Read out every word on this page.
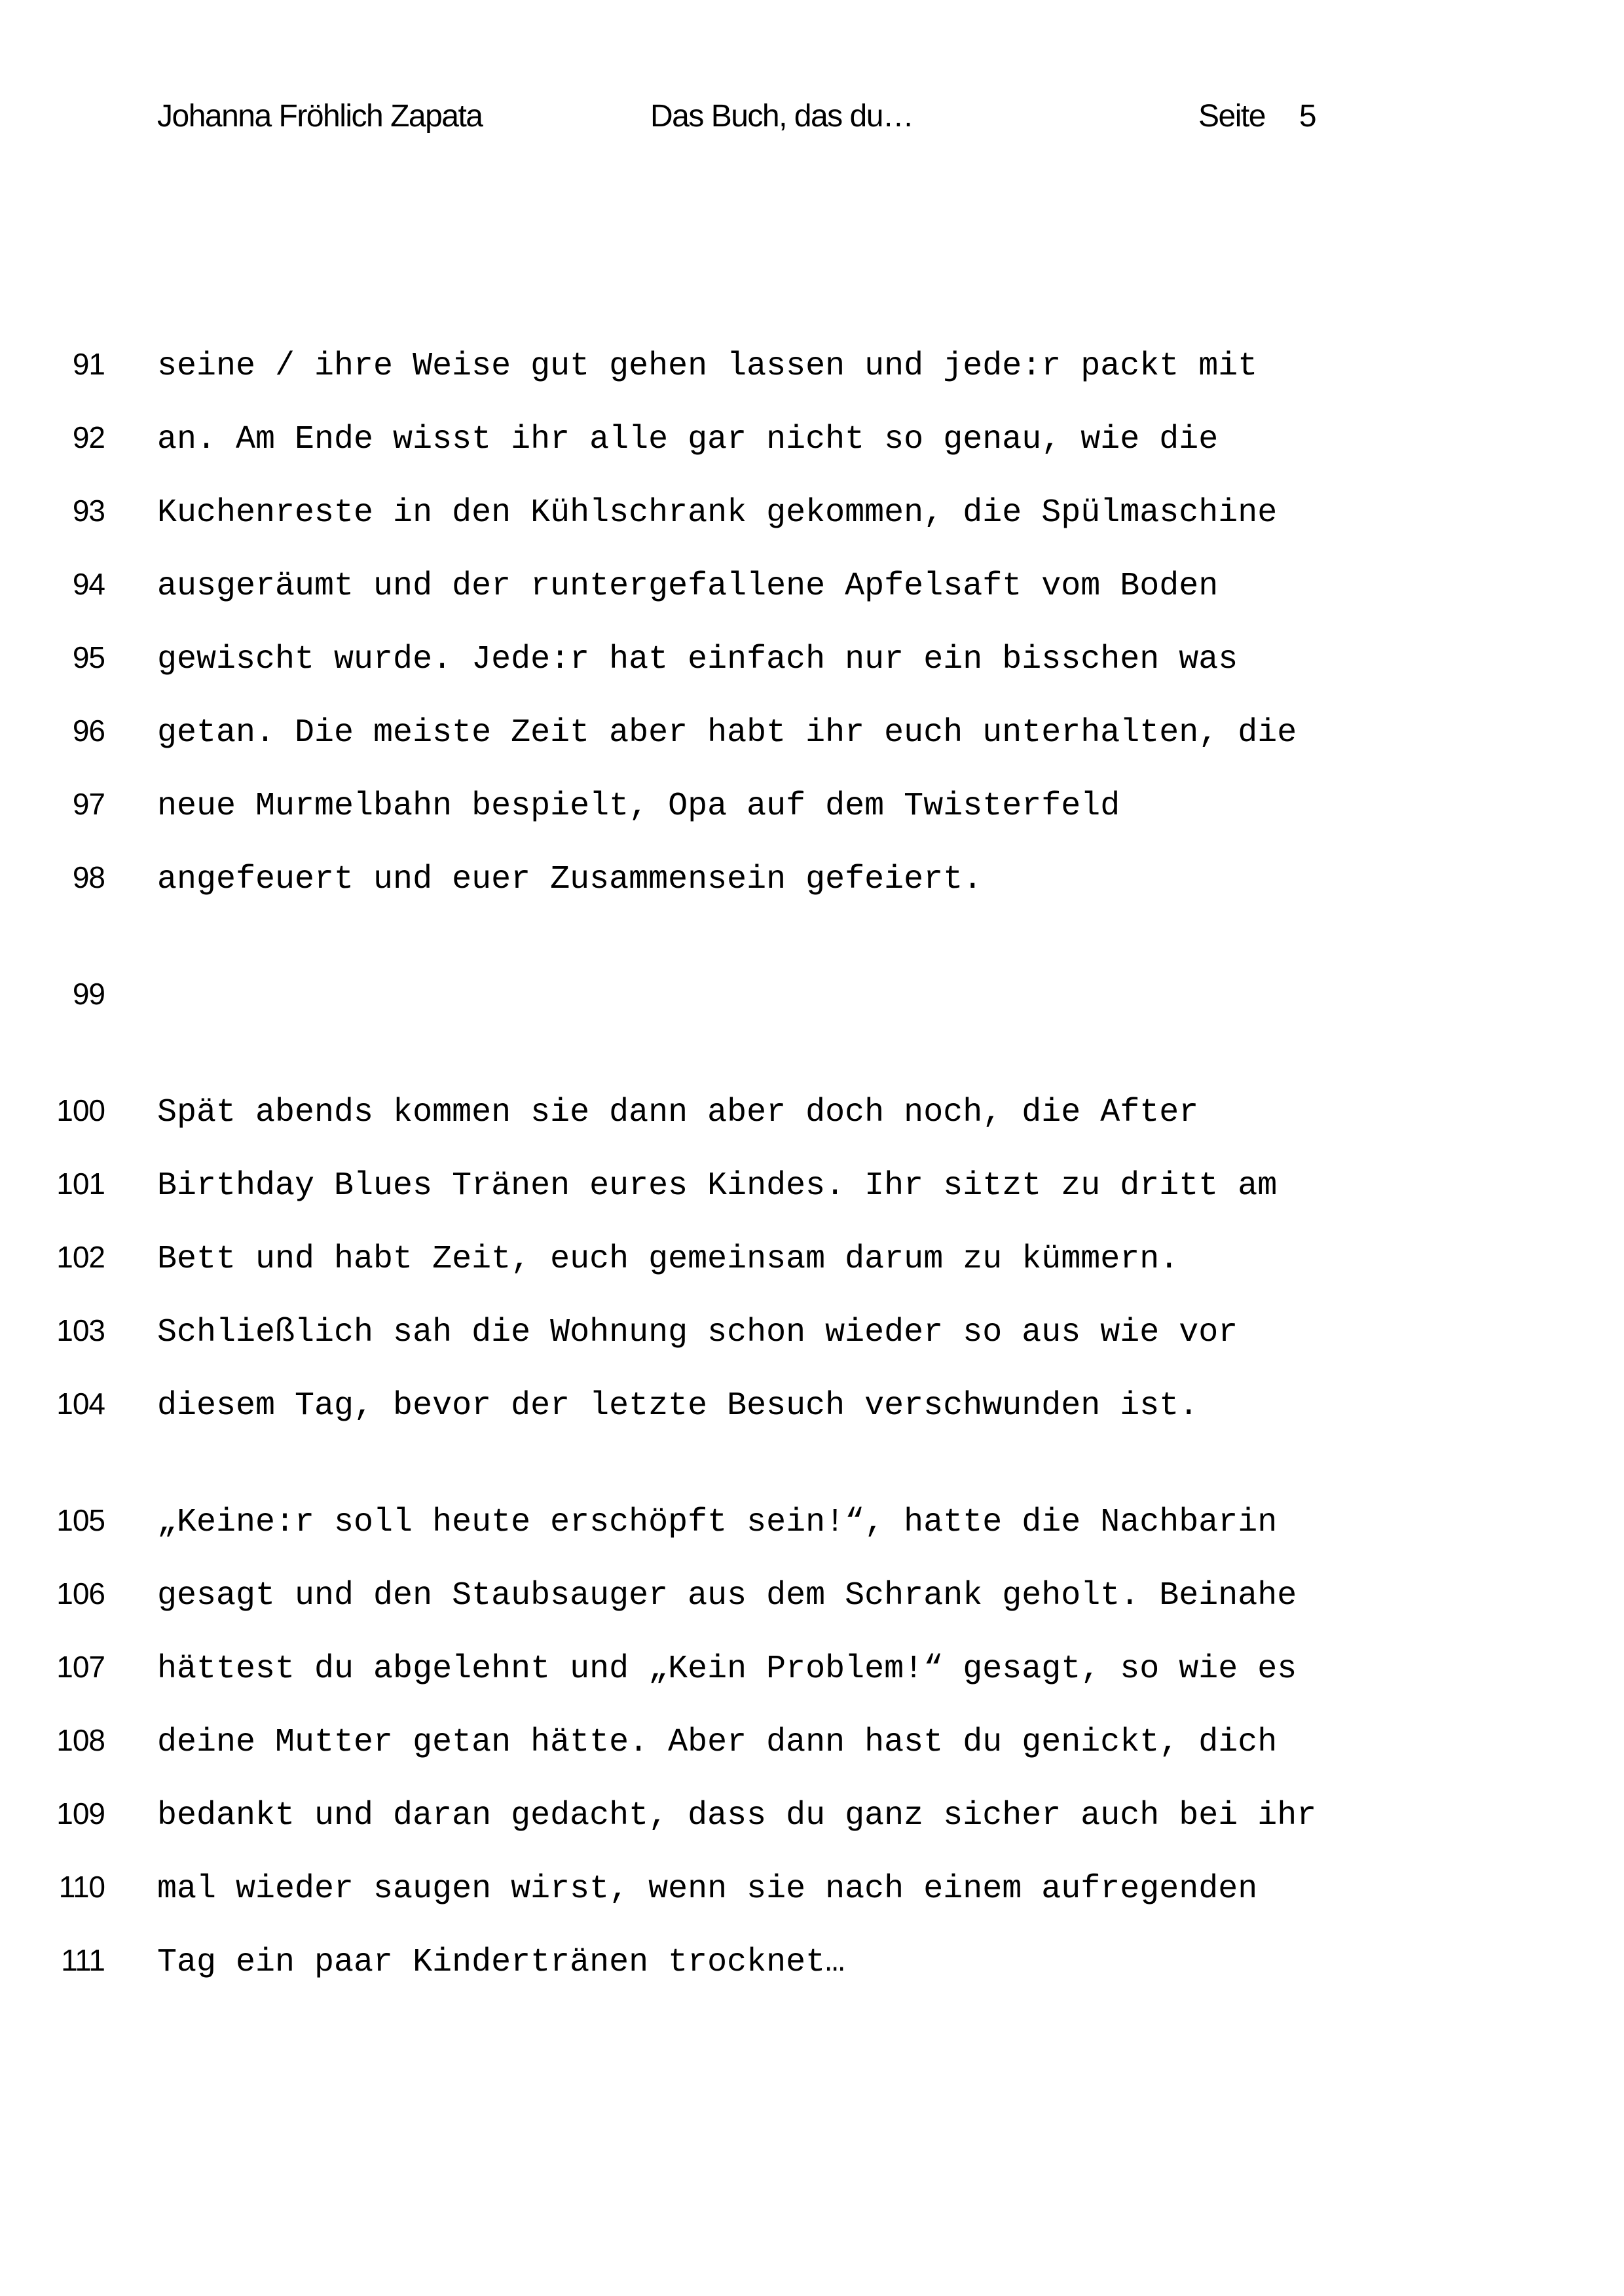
Johanna Fröhlich Zapata	Das Buch, das du…	Seite 5
91 seine / ihre Weise gut gehen lassen und jede:r packt mit
92 an. Am Ende wisst ihr alle gar nicht so genau, wie die
93 Kuchenreste in den Kühlschrank gekommen, die Spülmaschine
94 ausgeräumt und der runtergefallene Apfelsaft vom Boden
95 gewischt wurde. Jede:r hat einfach nur ein bisschen was
96 getan. Die meiste Zeit aber habt ihr euch unterhalten, die
97 neue Murmelbahn bespielt, Opa auf dem Twisterfeld
98 angefeuert und euer Zusammensein gefeiert.
99
100 Spät abends kommen sie dann aber doch noch, die After
101 Birthday Blues Tränen eures Kindes. Ihr sitzt zu dritt am
102 Bett und habt Zeit, euch gemeinsam darum zu kümmern.
103 Schließlich sah die Wohnung schon wieder so aus wie vor
104 diesem Tag, bevor der letzte Besuch verschwunden ist.
105 „Keine:r soll heute erschöpft sein!“, hatte die Nachbarin
106 gesagt und den Staubsauger aus dem Schrank geholt. Beinahe
107 hättest du abgelehnt und „Kein Problem!“ gesagt, so wie es
108 deine Mutter getan hätte. Aber dann hast du genickt, dich
109 bedankt und daran gedacht, dass du ganz sicher auch bei ihr
110 mal wieder saugen wirst, wenn sie nach einem aufregenden
111 Tag ein paar Kindertränen trocknet…
